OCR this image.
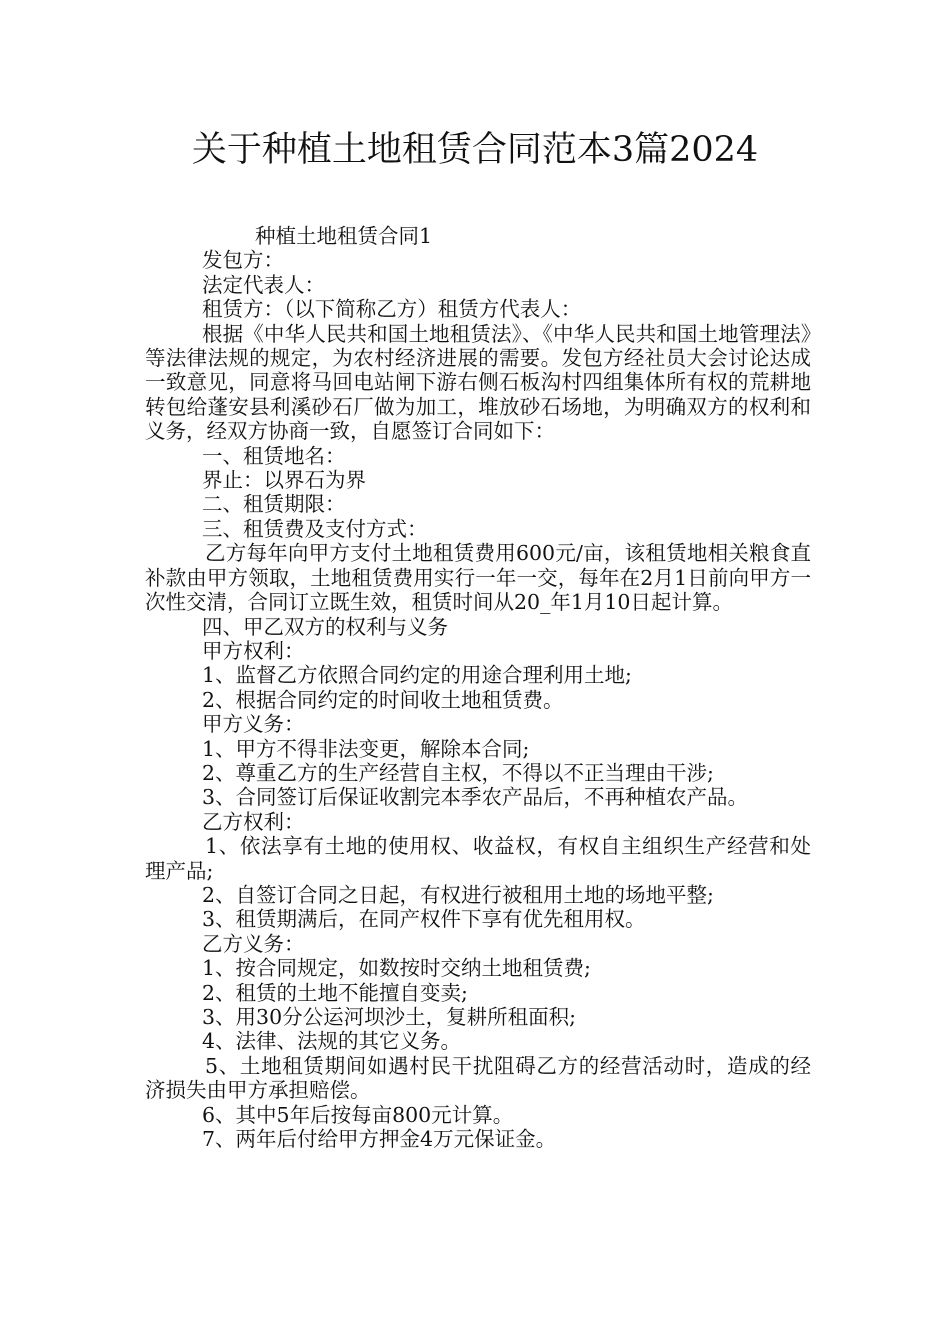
关于种植土地租赁合同范本3篇2024

种植土地租赁合同1

发包方：

法定代表人：

租赁方：（以下简称乙方）租赁方代表人：

根据《中华人民共和国土地租赁法》、《中华人民共和国土地管理法》等法律法规的规定，为农村经济进展的需要。发包方经社员大会讨论达成一致意见，同意将马回电站闸下游右侧石板沟村四组集体所有权的荒耕地转包给蓬安县利溪砂石厂做为加工，堆放砂石场地，为明确双方的权利和义务，经双方协商一致，自愿签订合同如下：

一、租赁地名：

界止：以界石为界

二、租赁期限：

三、租赁费及支付方式：

乙方每年向甲方支付土地租赁费用600元/亩，该租赁地相关粮食直补款由甲方领取，土地租赁费用实行一年一交，每年在2月1日前向甲方一次性交清，合同订立既生效，租赁时间从20_年1月10日起计算。

四、甲乙双方的权利与义务

甲方权利：

1、监督乙方依照合同约定的用途合理利用土地;

2、根据合同约定的时间收土地租赁费。

甲方义务：

1、甲方不得非法变更，解除本合同;

2、尊重乙方的生产经营自主权，不得以不正当理由干涉;

3、合同签订后保证收割完本季农产品后，不再种植农产品。

乙方权利：

1、依法享有土地的使用权、收益权，有权自主组织生产经营和处理产品;

2、自签订合同之日起，有权进行被租用土地的场地平整;

3、租赁期满后，在同产权件下享有优先租用权。

乙方义务：

1、按合同规定，如数按时交纳土地租赁费;

2、租赁的土地不能擅自变卖;

3、用30分公运河坝沙土，复耕所租面积;

4、法律、法规的其它义务。

5、土地租赁期间如遇村民干扰阻碍乙方的经营活动时，造成的经济损失由甲方承担赔偿。

6、其中5年后按每亩800元计算。

7、两年后付给甲方押金4万元保证金。
